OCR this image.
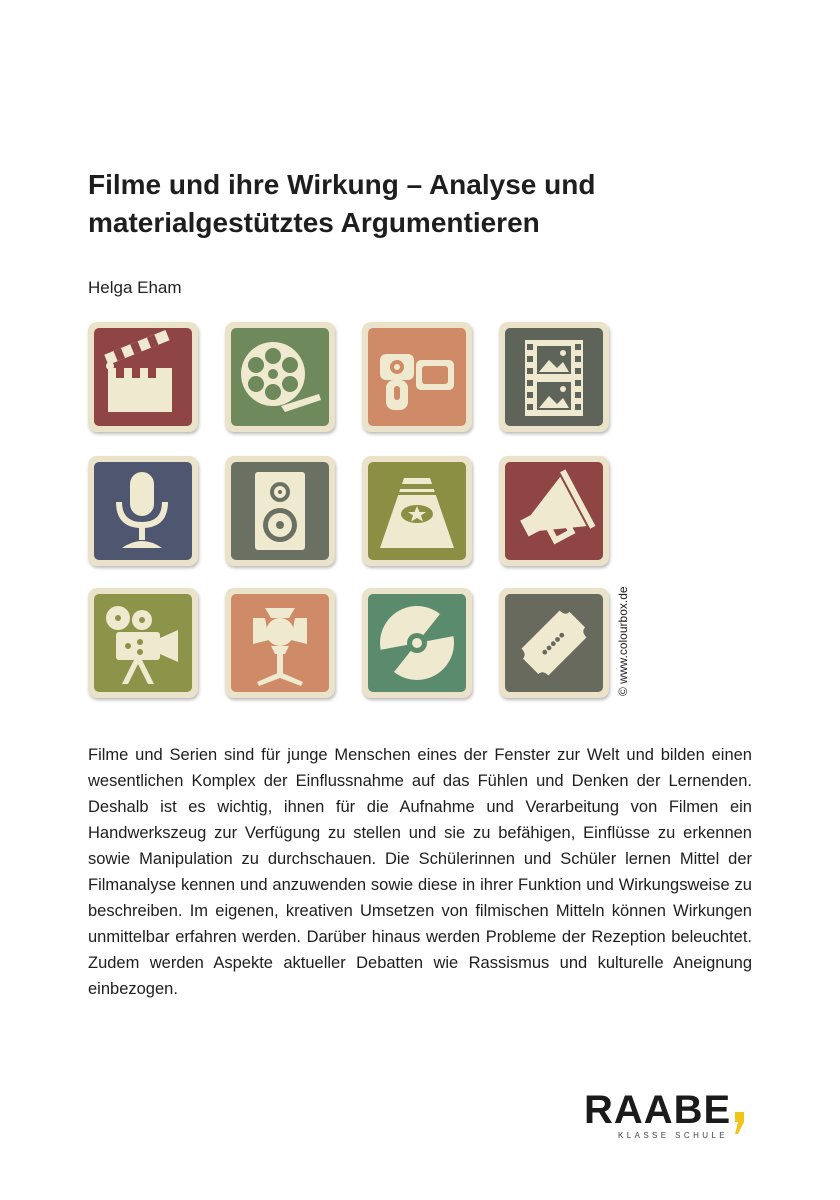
Filme und ihre Wirkung – Analyse und
materialgestütztes Argumentieren
Helga Eham
© www.colourbox.de

Filme und Serien sind für junge Menschen eines der Fenster zur Welt und bilden einen wesentlichen Komplex der Einflussnahme auf das Fühlen und Denken der Lernenden. Deshalb ist es wichtig, ihnen für die Aufnahme und Verarbeitung von Filmen ein Handwerkszeug zur Verfügung zu stellen und sie zu befähigen, Einflüsse zu erkennen sowie Manipulation zu durchschauen. Die Schülerinnen und Schüler lernen Mittel der Filmanalyse kennen und anzuwenden sowie diese in ihrer Funktion und Wirkungsweise zu beschreiben. Im eigenen, kreativen Umsetzen von filmischen Mitteln können Wirkungen unmittelbar erfahren werden. Darüber hinaus werden Probleme der Rezeption beleuchtet. Zudem werden Aspekte aktueller Debatten wie Rassismus und kulturelle Aneignung einbezogen.

RAABE
KLASSE SCHULE
